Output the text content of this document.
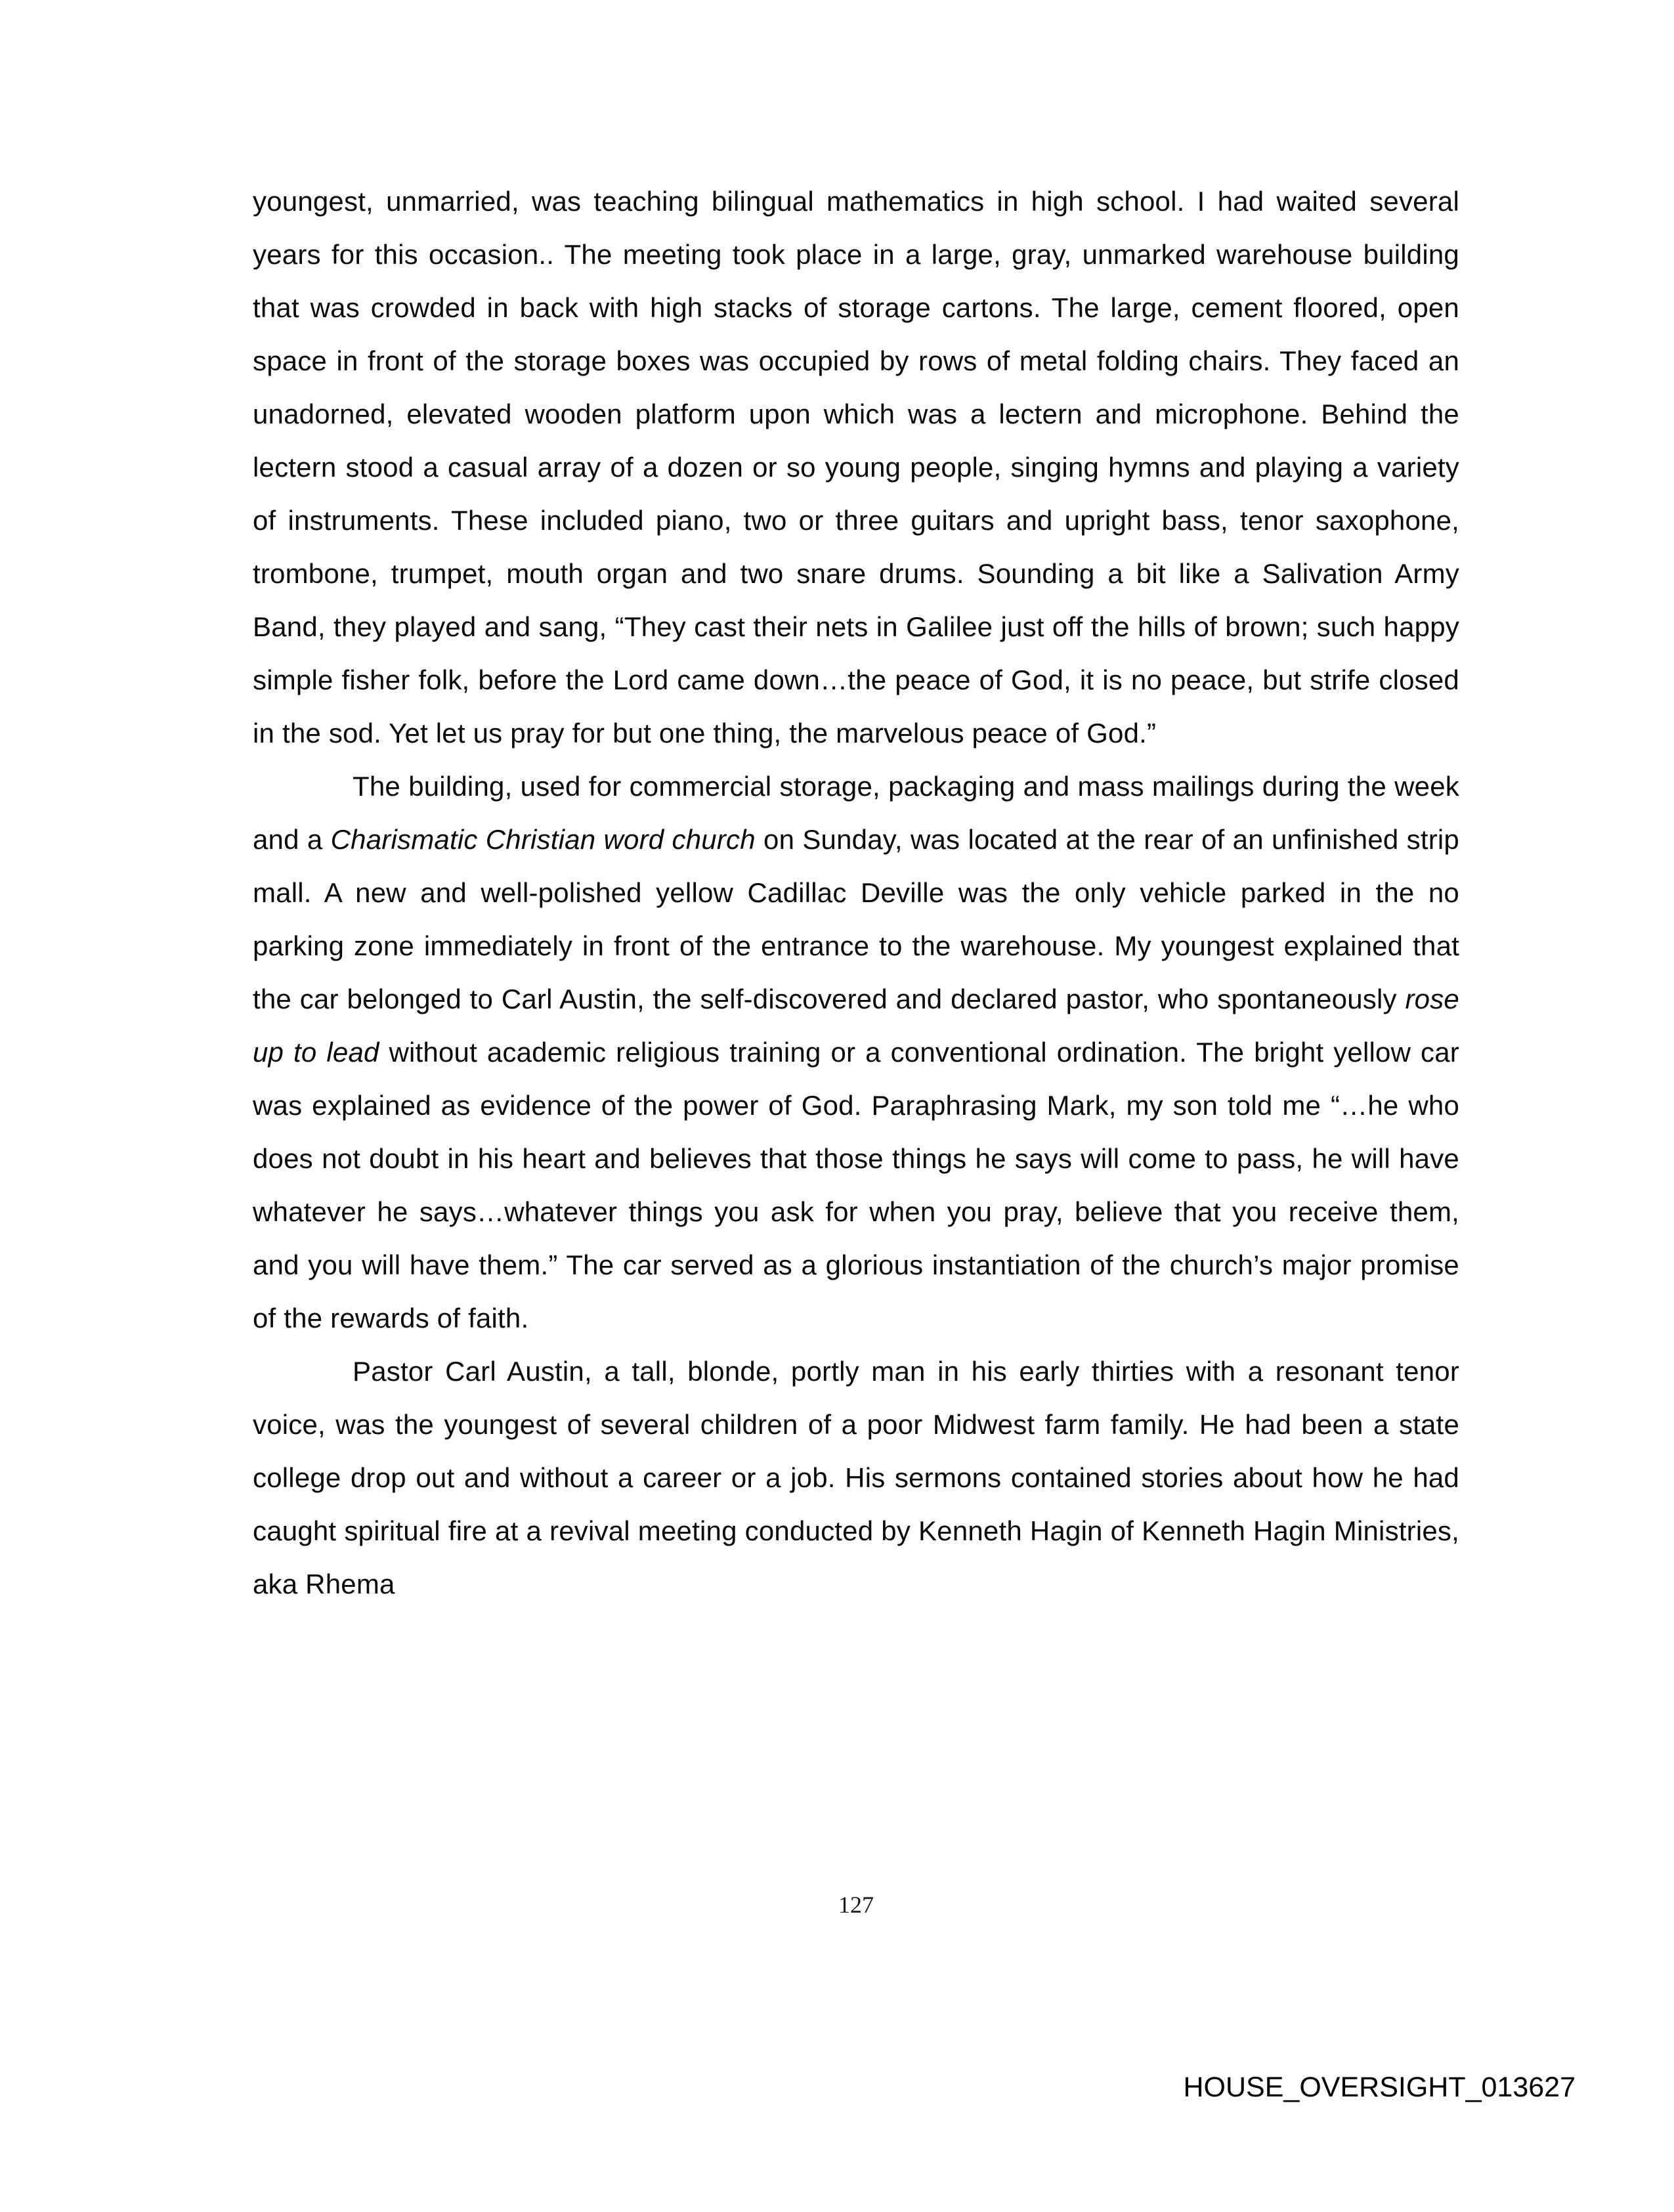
youngest, unmarried, was teaching bilingual mathematics in high school. I had waited several years for this occasion.. The meeting took place in a large, gray, unmarked warehouse building that was crowded in back with high stacks of storage cartons. The large, cement floored, open space in front of the storage boxes was occupied by rows of metal folding chairs. They faced an unadorned, elevated wooden platform upon which was a lectern and microphone. Behind the lectern stood a casual array of a dozen or so young people, singing hymns and playing a variety of instruments. These included piano, two or three guitars and upright bass, tenor saxophone, trombone, trumpet, mouth organ and two snare drums. Sounding a bit like a Salivation Army Band, they played and sang, “They cast their nets in Galilee just off the hills of brown; such happy simple fisher folk, before the Lord came down…the peace of God, it is no peace, but strife closed in the sod. Yet let us pray for but one thing, the marvelous peace of God.”

The building, used for commercial storage, packaging and mass mailings during the week and a Charismatic Christian word church on Sunday, was located at the rear of an unfinished strip mall. A new and well-polished yellow Cadillac Deville was the only vehicle parked in the no parking zone immediately in front of the entrance to the warehouse. My youngest explained that the car belonged to Carl Austin, the self-discovered and declared pastor, who spontaneously rose up to lead without academic religious training or a conventional ordination. The bright yellow car was explained as evidence of the power of God. Paraphrasing Mark, my son told me “…he who does not doubt in his heart and believes that those things he says will come to pass, he will have whatever he says…whatever things you ask for when you pray, believe that you receive them, and you will have them.” The car served as a glorious instantiation of the church’s major promise of the rewards of faith.

Pastor Carl Austin, a tall, blonde, portly man in his early thirties with a resonant tenor voice, was the youngest of several children of a poor Midwest farm family. He had been a state college drop out and without a career or a job. His sermons contained stories about how he had caught spiritual fire at a revival meeting conducted by Kenneth Hagin of Kenneth Hagin Ministries, aka Rhema

127
HOUSE_OVERSIGHT_013627
